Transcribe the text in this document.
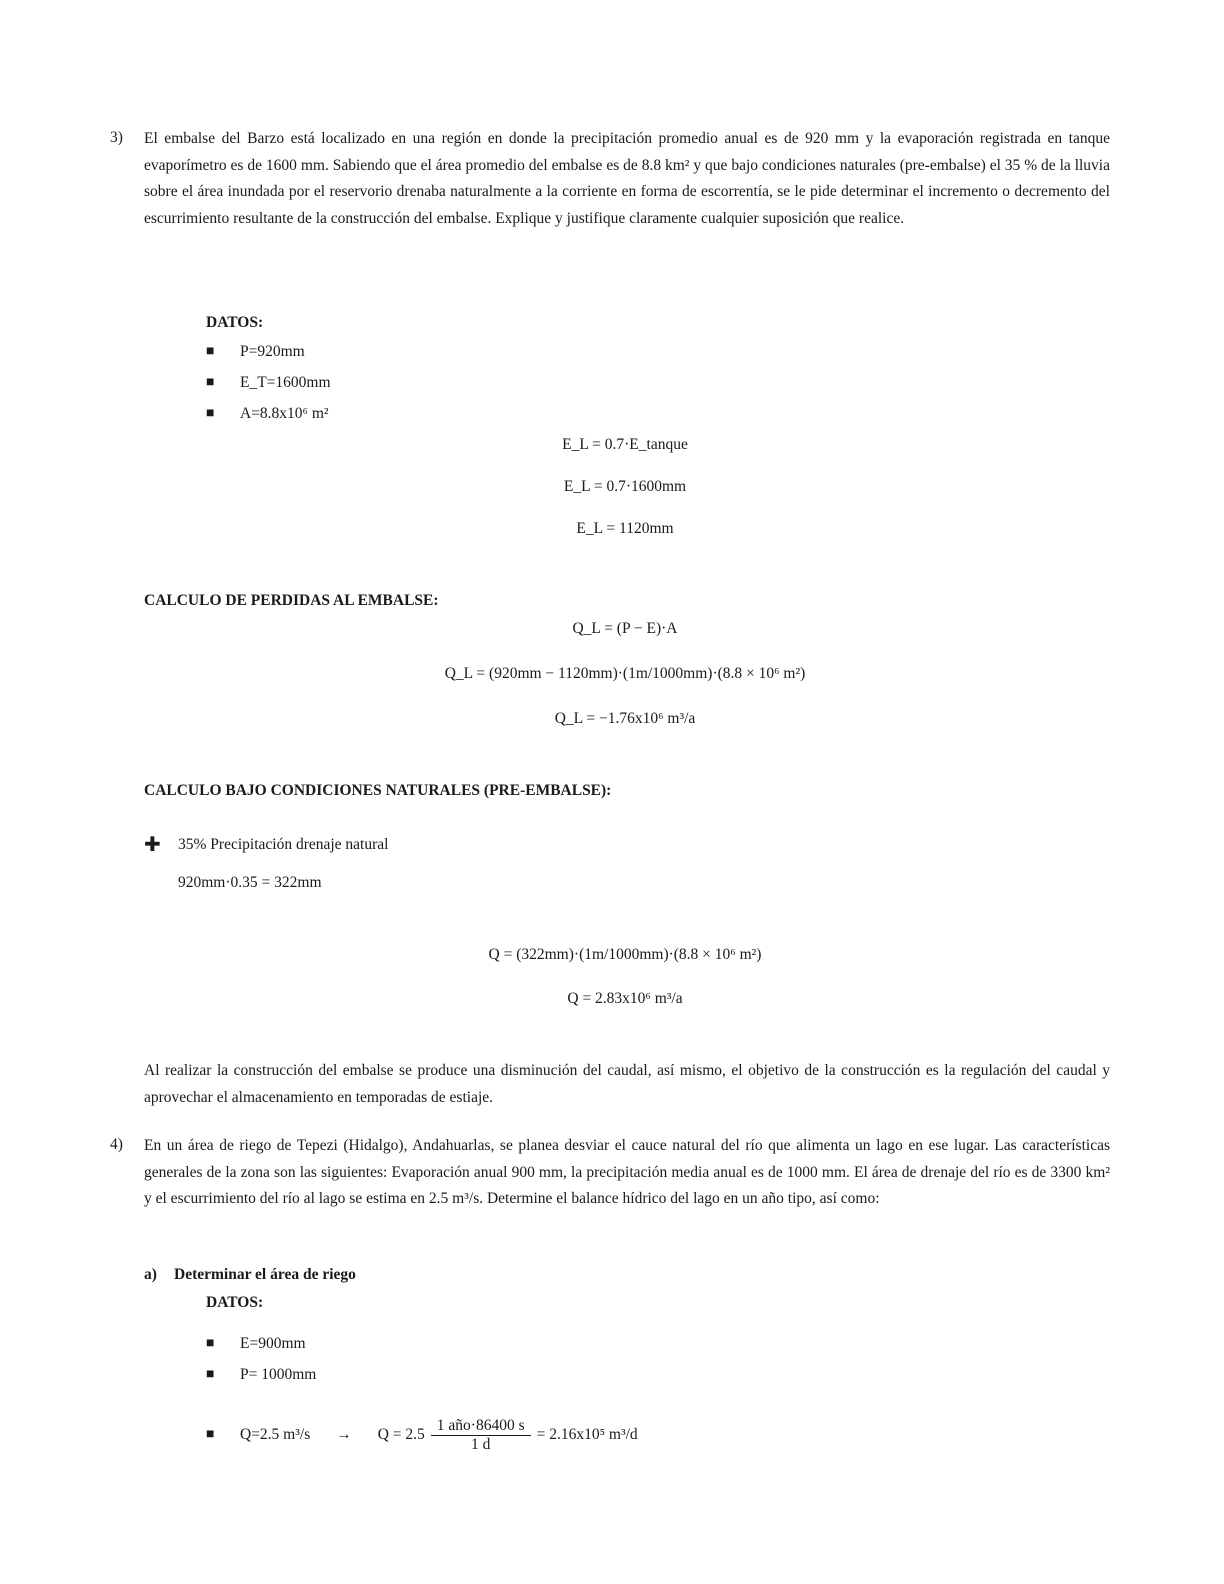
3) El embalse del Barzo está localizado en una región en donde la precipitación promedio anual es de 920 mm y la evaporación registrada en tanque evaporímetro es de 1600 mm. Sabiendo que el área promedio del embalse es de 8.8 km² y que bajo condiciones naturales (pre-embalse) el 35 % de la lluvia sobre el área inundada por el reservorio drenaba naturalmente a la corriente en forma de escorrentía, se le pide determinar el incremento o decremento del escurrimiento resultante de la construcción del embalse. Explique y justifique claramente cualquier suposición que realice.
DATOS:
■	P=920mm
■	E_T=1600mm
■	A=8.8x10⁶ m²
E_L = 0.7·E_tanque
E_L = 0.7·1600mm
E_L = 1120mm
CALCULO DE PERDIDAS AL EMBALSE:
Q_L = (P − E)·A
Q_L = (920mm − 1120mm)·(1m/1000mm)·(8.8 × 10⁶ m²)
Q_L = −1.76x10⁶ m³/a
CALCULO BAJO CONDICIONES NATURALES (PRE-EMBALSE):
✚ 35% Precipitación drenaje natural
920mm·0.35 = 322mm
Q = (322mm)·(1m/1000mm)·(8.8 × 10⁶ m²)
Q = 2.83x10⁶ m³/a
Al realizar la construcción del embalse se produce una disminución del caudal, así mismo, el objetivo de la construcción es la regulación del caudal y aprovechar el almacenamiento en temporadas de estiaje.
4) En un área de riego de Tepezi (Hidalgo), Andahuarlas, se planea desviar el cauce natural del río que alimenta un lago en ese lugar. Las características generales de la zona son las siguientes: Evaporación anual 900 mm, la precipitación media anual es de 1000 mm. El área de drenaje del río es de 3300 km² y el escurrimiento del río al lago se estima en 2.5 m³/s. Determine el balance hídrico del lago en un año tipo, así como:
a)	Determinar el área de riego
DATOS:
■	E=900mm
■	P= 1000mm
■	Q=2.5 $m^3/s \to Q = 2.5 \frac{\text{1 año·86400 s}}{1 d} = 2.16x10^5$ m³/d
